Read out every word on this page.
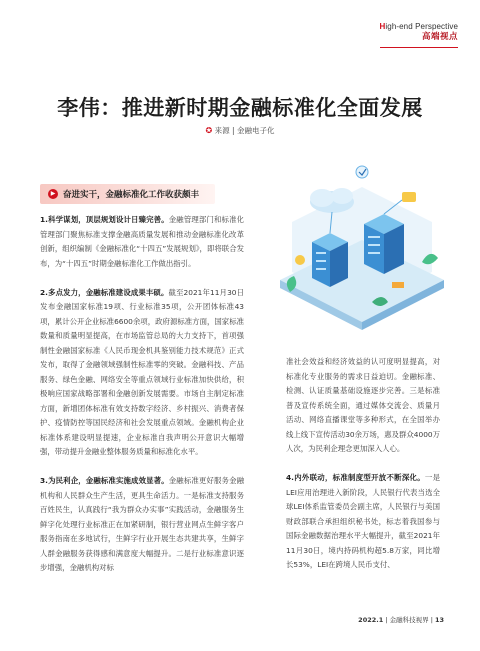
High-end Perspective
高端视点
李伟：推进新时期金融标准化全面发展
✪ 来源 | 金融电子化
▶ 奋进实干，金融标准化工作收获颇丰

1.科学谋划，顶层规划设计日臻完善。金融管理部门和标准化管理部门聚焦标准支撑金融高质量发展和推动金融标准化改革创新，组织编制《金融标准化“十四五”发展规划》，即将联合发布，为“十四五”时期金融标准化工作做出指引。

2.多点发力，金融标准建设成果丰硕。截至2021年11月30日发布金融国家标准19项、行业标准35项，公开团体标准43项，累计公开企业标准6600余项，政府源标准方面，国家标准数量和质量明显提高，在市场监管总局的大力支持下，首项强制性金融国家标准《人民币现金机具鉴别能力技术规范》正式发布，取得了金融领域强制性标准零的突破。金融科技、产品服务、绿色金融、网络安全等重点领域行业标准加快供给，积极响应国家战略部署和金融创新发展需要。市场自主制定标准方面，新增团体标准有效支持数字经济、乡村振兴、消费者保护、疫情防控等国民经济和社会发展重点领域。金融机构企业标准体系建设明显提速，企业标准自我声明公开意识大幅增强，带动提升金融业整体服务质量和标准化水平。

3.为民利企，金融标准实施成效显著。金融标准更好服务金融机构和人民群众生产生活，更具生命活力。一是标准支持服务百姓民生，认真践行“我为群众办实事”实践活动，金融服务生鲜字化处理行业标准正在加紧研制，银行营业网点生鲜字客户服务指南在多地试行，生鲜字行业开展生态共建共享，生鲜字人群金融服务获得感和满意度大幅提升。二是行业标准意识逐步增强，金融机构对标

准社会效益和经济效益的认可度明显提高，对标准化专业服务的需求日益迫切。金融标准、检测、认证质量基础设施逐步完善。三是标准普及宣传系统全面，通过媒体交流会、质量月活动、网络直播课堂等多种形式，在全国举办线上线下宣传活动30余万场，惠及群众4000万人次，为民利企理念更加深入人心。

4.内外联动，标准制度型开放不断深化。一是LEI应用治理进入新阶段，人民银行代表当选全球LEI体系监管委员会副主席，人民银行与美国财政部联合承担组织秘书处，标志着我国参与国际金融数据治理水平大幅提升，截至2021年11月30日，境内持码机构超5.8万家，同比增长53%，LEI在跨境人民币支付、

2022.1 | 金融科技视界 | 13
